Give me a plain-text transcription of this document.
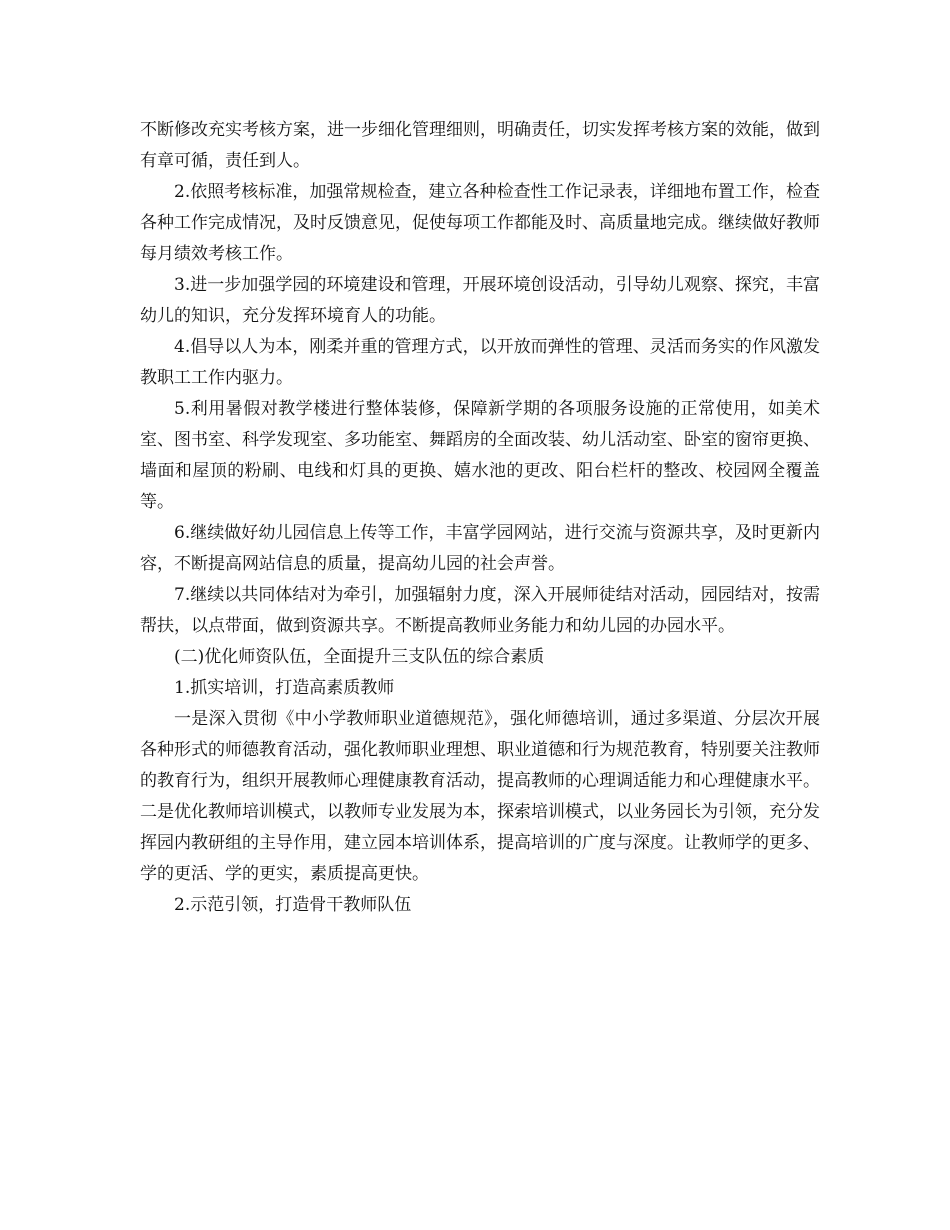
不断修改充实考核方案，进一步细化管理细则，明确责任，切实发挥考核方案的效能，做到有章可循，责任到人。

2.依照考核标准，加强常规检查，建立各种检查性工作记录表，详细地布置工作，检查各种工作完成情况，及时反馈意见，促使每项工作都能及时、高质量地完成。继续做好教师每月绩效考核工作。

3.进一步加强学园的环境建设和管理，开展环境创设活动，引导幼儿观察、探究，丰富幼儿的知识，充分发挥环境育人的功能。

4.倡导以人为本，刚柔并重的管理方式，以开放而弹性的管理、灵活而务实的作风激发教职工工作内驱力。

5.利用暑假对教学楼进行整体装修，保障新学期的各项服务设施的正常使用，如美术室、图书室、科学发现室、多功能室、舞蹈房的全面改装、幼儿活动室、卧室的窗帘更换、墙面和屋顶的粉刷、电线和灯具的更换、嬉水池的更改、阳台栏杆的整改、校园网全覆盖等。

6.继续做好幼儿园信息上传等工作，丰富学园网站，进行交流与资源共享，及时更新内容，不断提高网站信息的质量，提高幼儿园的社会声誉。

7.继续以共同体结对为牵引，加强辐射力度，深入开展师徒结对活动，园园结对，按需帮扶，以点带面，做到资源共享。不断提高教师业务能力和幼儿园的办园水平。

(二)优化师资队伍，全面提升三支队伍的综合素质

1.抓实培训，打造高素质教师

一是深入贯彻《中小学教师职业道德规范》，强化师德培训，通过多渠道、分层次开展各种形式的师德教育活动，强化教师职业理想、职业道德和行为规范教育，特别要关注教师的教育行为，组织开展教师心理健康教育活动，提高教师的心理调适能力和心理健康水平。二是优化教师培训模式，以教师专业发展为本，探索培训模式，以业务园长为引领，充分发挥园内教研组的主导作用，建立园本培训体系，提高培训的广度与深度。让教师学的更多、学的更活、学的更实，素质提高更快。

2.示范引领，打造骨干教师队伍
